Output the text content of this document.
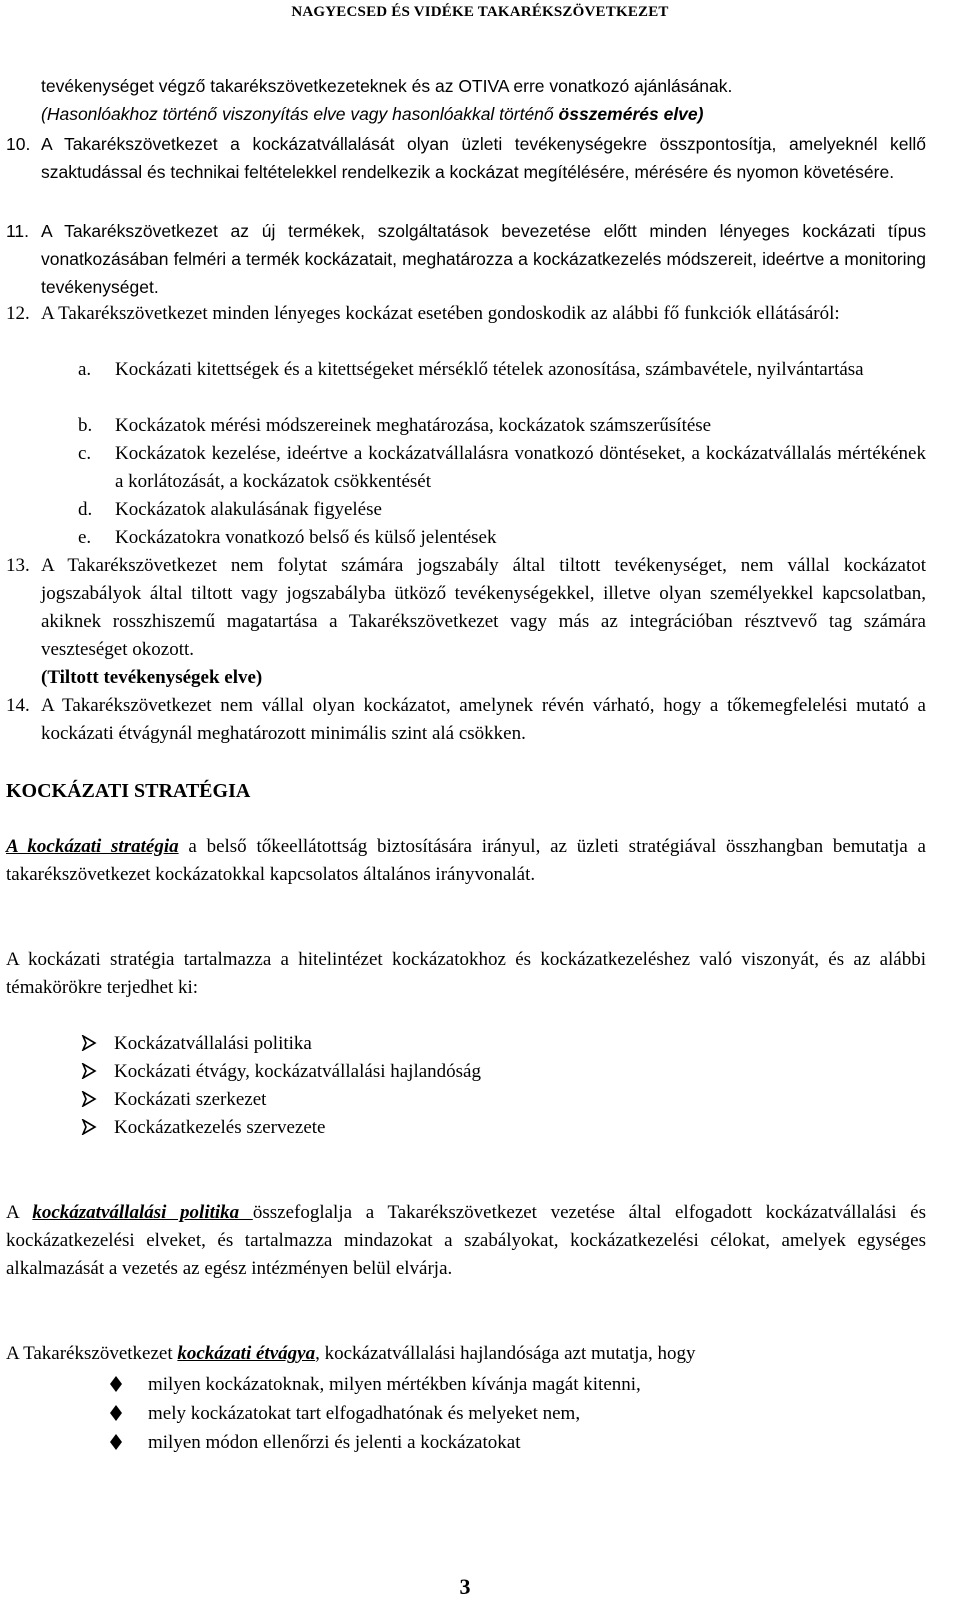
NAGYECSED ÉS VIDÉKE TAKARÉKSZÖVETKEZET
tevékenységet végző takarékszövetkezeteknek és az OTIVA erre vonatkozó ajánlásának.
(Hasonlóakhoz történő viszonyítás elve vagy hasonlóakkal történő összemérés elve)
10. A Takarékszövetkezet a kockázatvállalását olyan üzleti tevékenységekre összpontosítja, amelyeknél kellő szaktudással és technikai feltételekkel rendelkezik a kockázat megítélésére, mérésére és nyomon követésére.
11. A Takarékszövetkezet az új termékek, szolgáltatások bevezetése előtt minden lényeges kockázati típus vonatkozásában felméri a termék kockázatait, meghatározza a kockázatkezelés módszereit, ideértve a monitoring tevékenységet.
12. A Takarékszövetkezet minden lényeges kockázat esetében gondoskodik az alábbi fő funkciók ellátásáról:
a. Kockázati kitettségek és a kitettségeket mérséklő tételek azonosítása, számbavétele, nyilvántartása
b. Kockázatok mérési módszereinek meghatározása, kockázatok számszerűsítése
c. Kockázatok kezelése, ideértve a kockázatvállalásra vonatkozó döntéseket, a kockázatvállalás mértékének a korlátozását, a kockázatok csökkentését
d. Kockázatok alakulásának figyelése
e. Kockázatokra vonatkozó belső és külső jelentések
13. A Takarékszövetkezet nem folytat számára jogszabály által tiltott tevékenységet, nem vállal kockázatot jogszabályok által tiltott vagy jogszabályba ütköző tevékenységekkel, illetve olyan személyekkel kapcsolatban, akiknek rosszhiszemű magatartása a Takarékszövetkezet vagy más az integrációban résztvevő tag számára veszteséget okozott.
(Tiltott tevékenységek elve)
14. A Takarékszövetkezet nem vállal olyan kockázatot, amelynek révén várható, hogy a tőkemegfelelési mutató a kockázati étvágynál meghatározott minimális szint alá csökken.
KOCKÁZATI STRATÉGIA
A kockázati stratégia a belső tőkeellátottság biztosítására irányul, az üzleti stratégiával összhangban bemutatja a takarékszövetkezet kockázatokkal kapcsolatos általános irányvonalát.
A kockázati stratégia tartalmazza a hitelintézet kockázatokhoz és kockázatkezeléshez való viszonyát, és az alábbi témakörökre terjedhet ki:
Kockázatvállalási politika
Kockázati étvágy, kockázatvállalási hajlandóság
Kockázati szerkezet
Kockázatkezelés szervezete
A kockázatvállalási politika összefoglalja a Takarékszövetkezet vezetése által elfogadott kockázatvállalási és kockázatkezelési elveket, és tartalmazza mindazokat a szabályokat, kockázatkezelési célokat, amelyek egységes alkalmazását a vezetés az egész intézményen belül elvárja.
A Takarékszövetkezet kockázati étvágya, kockázatvállalási hajlandósága azt mutatja, hogy
milyen kockázatoknak, milyen mértékben kívánja magát kitenni,
mely kockázatokat tart elfogadhatónak és melyeket nem,
milyen módon ellenőrzi és jelenti a kockázatokat
3
